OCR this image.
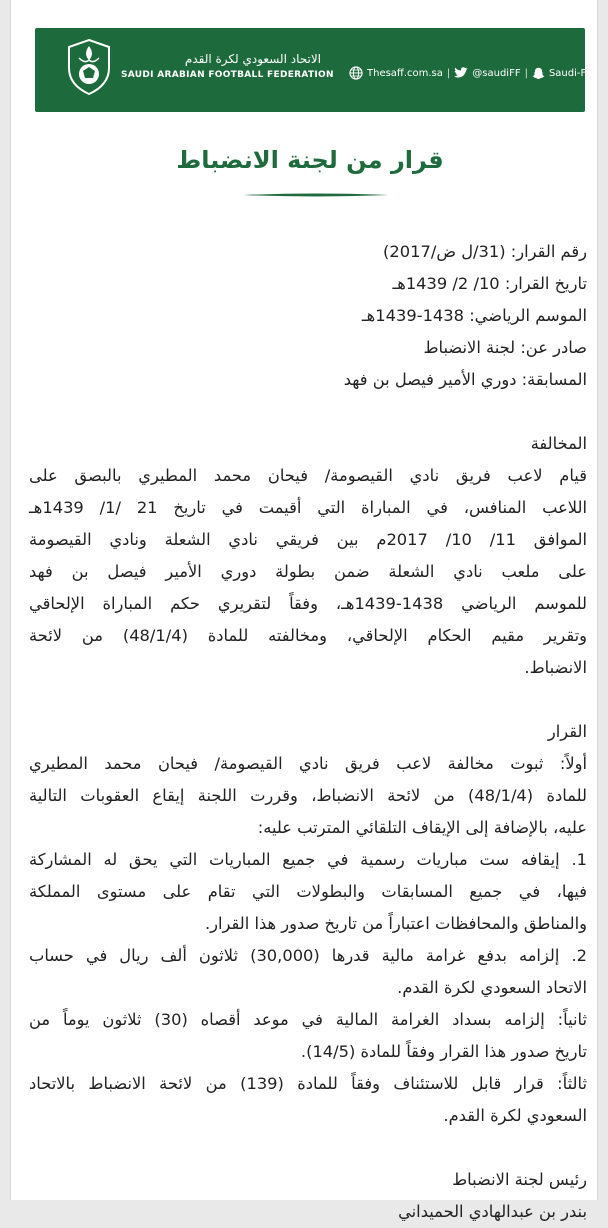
الاتحاد السعودي لكرة القدم
SAUDI ARABIAN FOOTBALL FEDERATION	Thesaff.com.sa | @saudiFF | Saudi-FF
قرار من لجنة الانضباط
رقم القرار: (31/ل ض/2017)
تاريخ القرار: 10/ 2/ 1439هـ
الموسم الرياضي: 1438-1439هـ
صادر عن: لجنة الانضباط
المسابقة: دوري الأمير فيصل بن فهد
المخالفة
قيام لاعب فريق نادي القيصومة/ فيحان محمد المطيري بالبصق على
اللاعب المنافس، في المباراة التي أقيمت في تاريخ 21 /1/ 1439هـ
الموافق 11/ 10/ 2017م بين فريقي نادي الشعلة ونادي القيصومة
على ملعب نادي الشعلة ضمن بطولة دوري الأمير فيصل بن فهد
للموسم الرياضي 1438-1439هـ، وفقاً لتقريري حكم المباراة الإلحاقي
وتقرير مقيم الحكام الإلحاقي، ومخالفته للمادة (48/1/4) من لائحة
الانضباط.
القرار
أولاً: ثبوت مخالفة لاعب فريق نادي القيصومة/ فيحان محمد المطيري
للمادة (48/1/4) من لائحة الانضباط، وقررت اللجنة إيقاع العقوبات التالية
عليه، بالإضافة إلى الإيقاف التلقائي المترتب عليه:
1. إيقافه ست مباريات رسمية في جميع المباريات التي يحق له المشاركة
فيها، في جميع المسابقات والبطولات التي تقام على مستوى المملكة
والمناطق والمحافظات اعتباراً من تاريخ صدور هذا القرار.
2. إلزامه بدفع غرامة مالية قدرها (30,000) ثلاثون ألف ريال في حساب
الاتحاد السعودي لكرة القدم.
ثانياً: إلزامه بسداد الغرامة المالية في موعد أقصاه (30) ثلاثون يوماً من
تاريخ صدور هذا القرار وفقاً للمادة (14/5).
ثالثاً: قرار قابل للاستئناف وفقاً للمادة (139) من لائحة الانضباط بالاتحاد
السعودي لكرة القدم.
رئيس لجنة الانضباط
بندر بن عبدالهادي الحميداني
